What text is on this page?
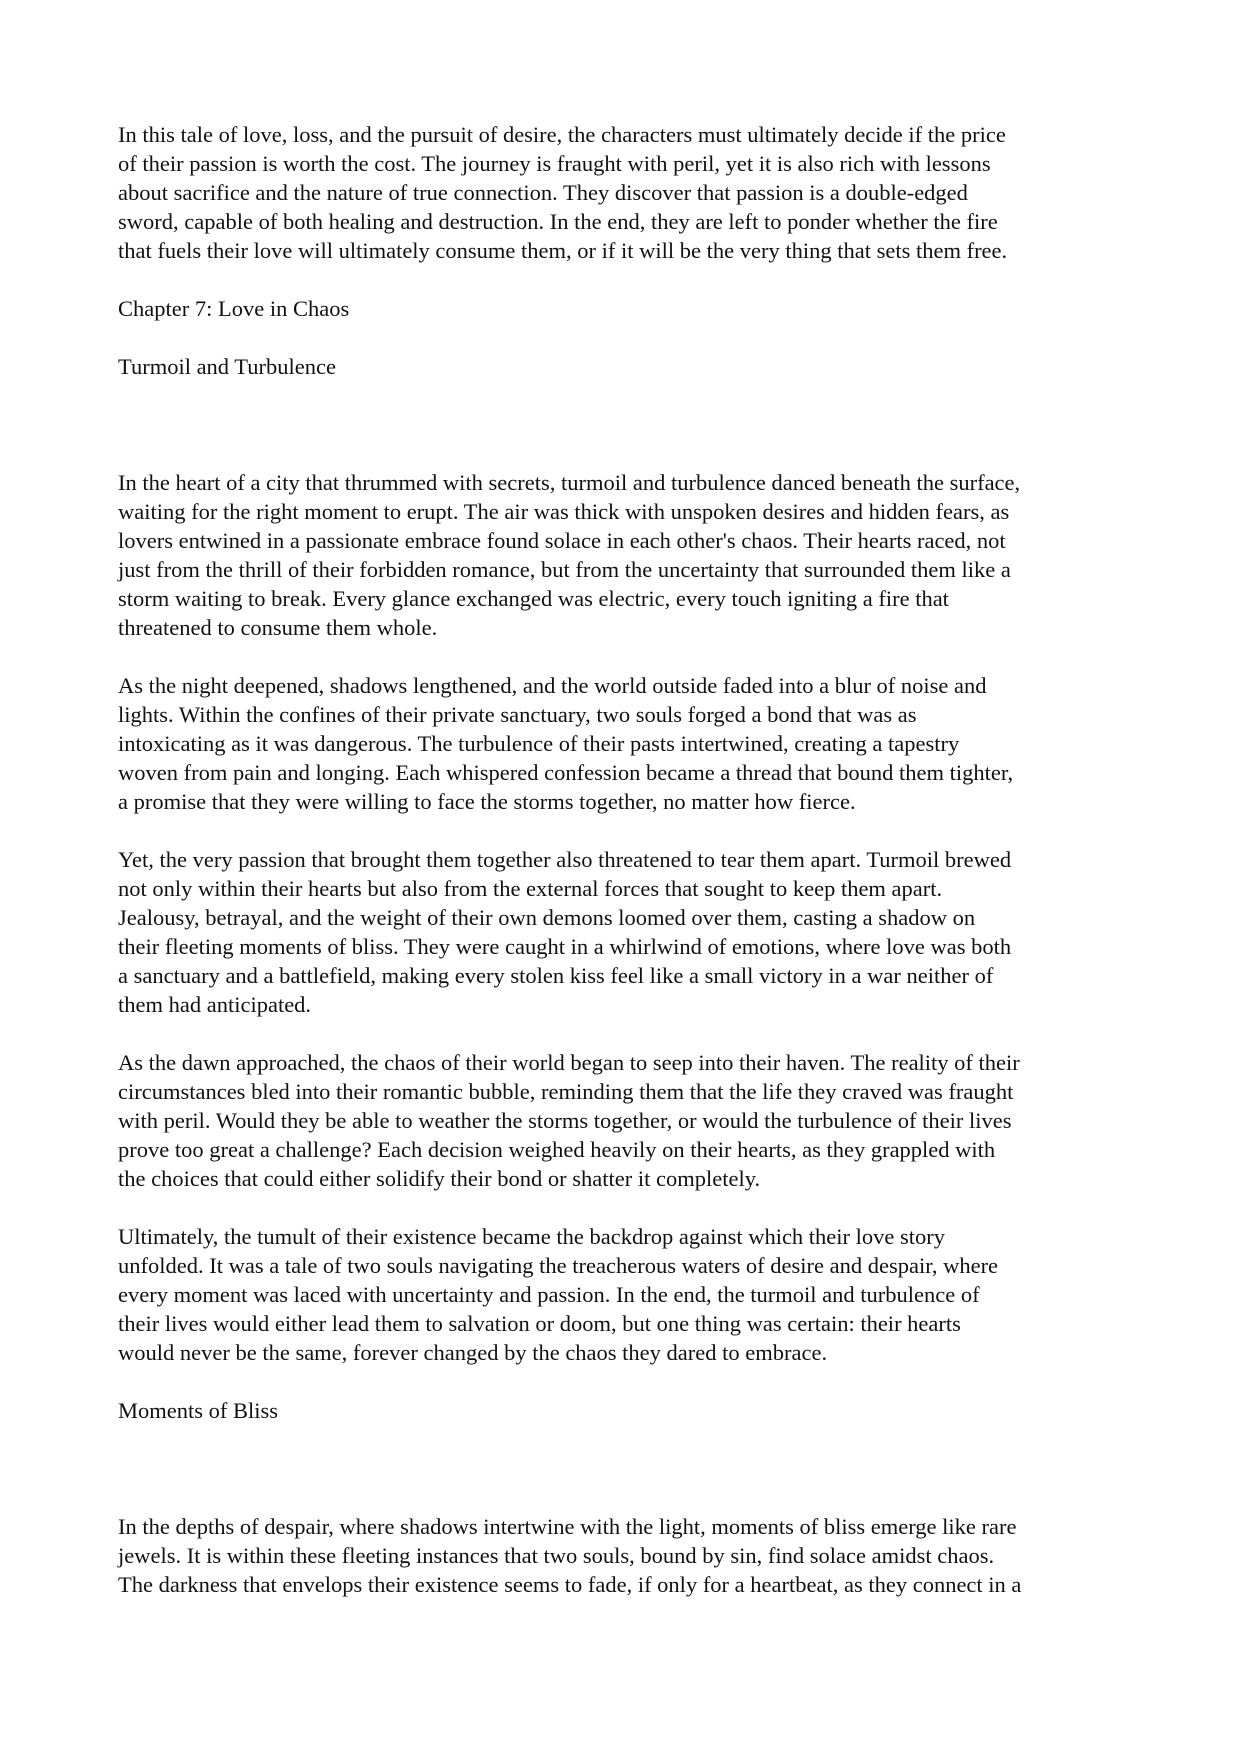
In this tale of love, loss, and the pursuit of desire, the characters must ultimately decide if the price
of their passion is worth the cost. The journey is fraught with peril, yet it is also rich with lessons
about sacrifice and the nature of true connection. They discover that passion is a double-edged
sword, capable of both healing and destruction. In the end, they are left to ponder whether the fire
that fuels their love will ultimately consume them, or if it will be the very thing that sets them free.

Chapter 7: Love in Chaos

Turmoil and Turbulence

In the heart of a city that thrummed with secrets, turmoil and turbulence danced beneath the surface,
waiting for the right moment to erupt. The air was thick with unspoken desires and hidden fears, as
lovers entwined in a passionate embrace found solace in each other's chaos. Their hearts raced, not
just from the thrill of their forbidden romance, but from the uncertainty that surrounded them like a
storm waiting to break. Every glance exchanged was electric, every touch igniting a fire that
threatened to consume them whole.

As the night deepened, shadows lengthened, and the world outside faded into a blur of noise and
lights. Within the confines of their private sanctuary, two souls forged a bond that was as
intoxicating as it was dangerous. The turbulence of their pasts intertwined, creating a tapestry
woven from pain and longing. Each whispered confession became a thread that bound them tighter,
a promise that they were willing to face the storms together, no matter how fierce.

Yet, the very passion that brought them together also threatened to tear them apart. Turmoil brewed
not only within their hearts but also from the external forces that sought to keep them apart.
Jealousy, betrayal, and the weight of their own demons loomed over them, casting a shadow on
their fleeting moments of bliss. They were caught in a whirlwind of emotions, where love was both
a sanctuary and a battlefield, making every stolen kiss feel like a small victory in a war neither of
them had anticipated.

As the dawn approached, the chaos of their world began to seep into their haven. The reality of their
circumstances bled into their romantic bubble, reminding them that the life they craved was fraught
with peril. Would they be able to weather the storms together, or would the turbulence of their lives
prove too great a challenge? Each decision weighed heavily on their hearts, as they grappled with
the choices that could either solidify their bond or shatter it completely.

Ultimately, the tumult of their existence became the backdrop against which their love story
unfolded. It was a tale of two souls navigating the treacherous waters of desire and despair, where
every moment was laced with uncertainty and passion. In the end, the turmoil and turbulence of
their lives would either lead them to salvation or doom, but one thing was certain: their hearts
would never be the same, forever changed by the chaos they dared to embrace.

Moments of Bliss

In the depths of despair, where shadows intertwine with the light, moments of bliss emerge like rare
jewels. It is within these fleeting instances that two souls, bound by sin, find solace amidst chaos.
The darkness that envelops their existence seems to fade, if only for a heartbeat, as they connect in a
